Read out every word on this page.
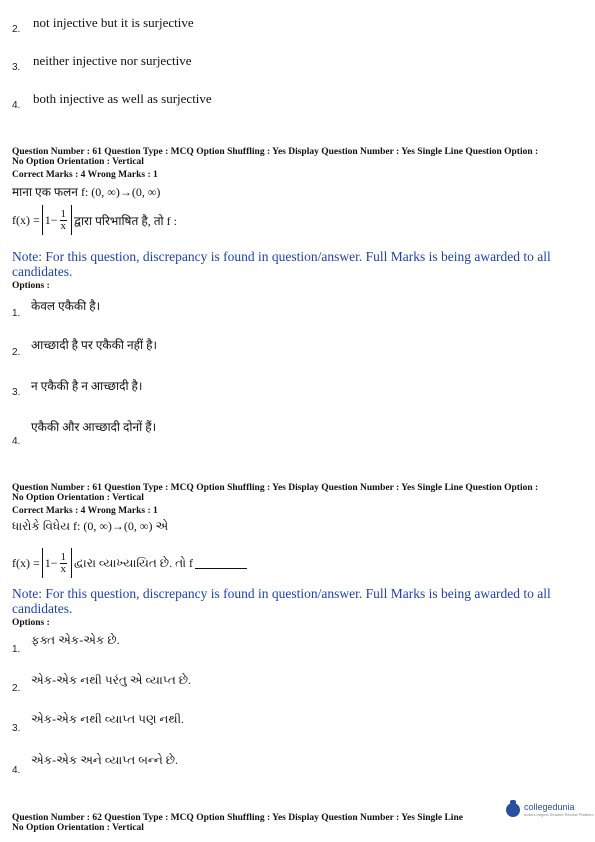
2. not injective but it is surjective
3. neither injective nor surjective
4. both injective as well as surjective
Question Number : 61 Question Type : MCQ Option Shuffling : Yes Display Question Number : Yes Single Line Question Option :
No Option Orientation : Vertical
Correct Marks : 4 Wrong Marks : 1
माना एक फलन f: (0, ∞)→(0, ∞)
$f(x) = 1- \frac{1}{x}$ द्वारा परिभाषित है, तो f :
Note: For this question, discrepancy is found in question/answer. Full Marks is being awarded to all candidates.
Options :
1.
केवल एकैकी है।
2.
आच्छादी है पर एकैकी नहीं है।
3. न एकैकी है न आच्छादी है।
4.
एकैकी और आच्छादी दोनों हैं।
Question Number : 61 Question Type : MCQ Option Shuffling : Yes Display Question Number : Yes Single Line Question Option :
No Option Orientation : Vertical
Correct Marks : 4 Wrong Marks : 1
ધારોકે વિધેય f: (0, ∞)→(0, ∞) એ
$f(x) = 1- \frac{1}{x}$ દ્વારા વ્યાખ્યાયિત છે. તો f
Note: For this question, discrepancy is found in question/answer. Full Marks is being awarded to all candidates.
Options :
1.
ફક્ત એક-એક છે.
2.
એક-એક નથી પરંતુ એ વ્યાપ્ત છે.
3.
એક-એક નથી વ્યાપ્ત પણ નથી.
4.
એક-એક અને વ્યાપ્ત બન્ને છે.
Question Number : 62 Question Type : MCQ Option Shuffling : Yes Display Question Number : Yes Single Line
No Option Orientation : Vertical
collegedunia
India's largest Student Review Platform
